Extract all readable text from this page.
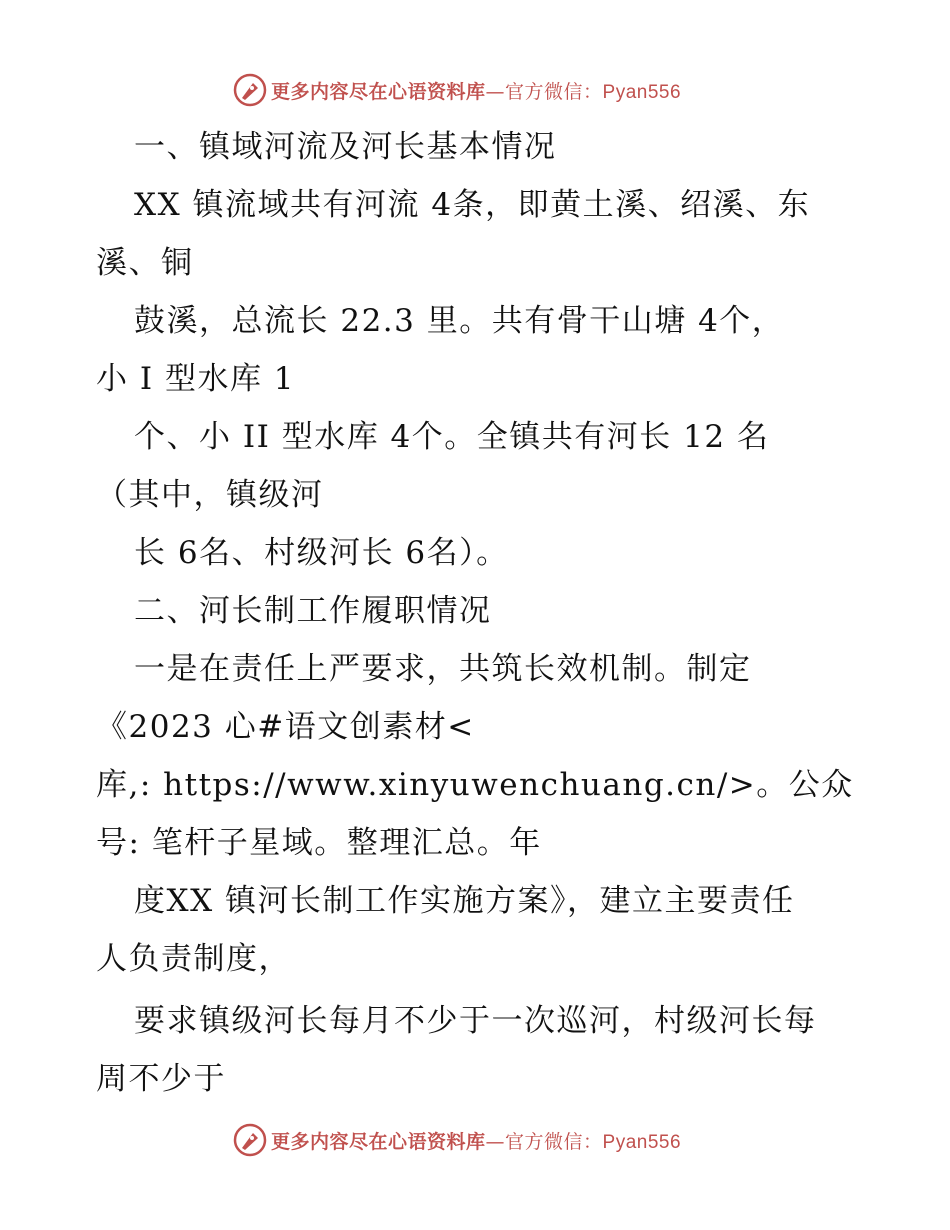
更多内容尽在心语资料库—官方微信：Pyan556
一、镇域河流及河长基本情况
XX 镇流域共有河流 4条，即黄土溪、绍溪、东
溪、铜
鼓溪，总流长 22.3 里。共有骨干山塘 4个，
小 I 型水库 1
个、小 II 型水库 4个。全镇共有河长 12 名
（其中，镇级河
长 6名、村级河长 6名）。
二、河长制工作履职情况
一是在责任上严要求，共筑长效机制。制定
《2023 心#语文创素材<
库,: https://www.xinyuwenchuang.cn/>。公众
号: 笔杆子星域。整理汇总。年
度XX 镇河长制工作实施方案》，建立主要责任
人负责制度，
要求镇级河长每月不少于一次巡河，村级河长每
周不少于
更多内容尽在心语资料库—官方微信：Pyan556
